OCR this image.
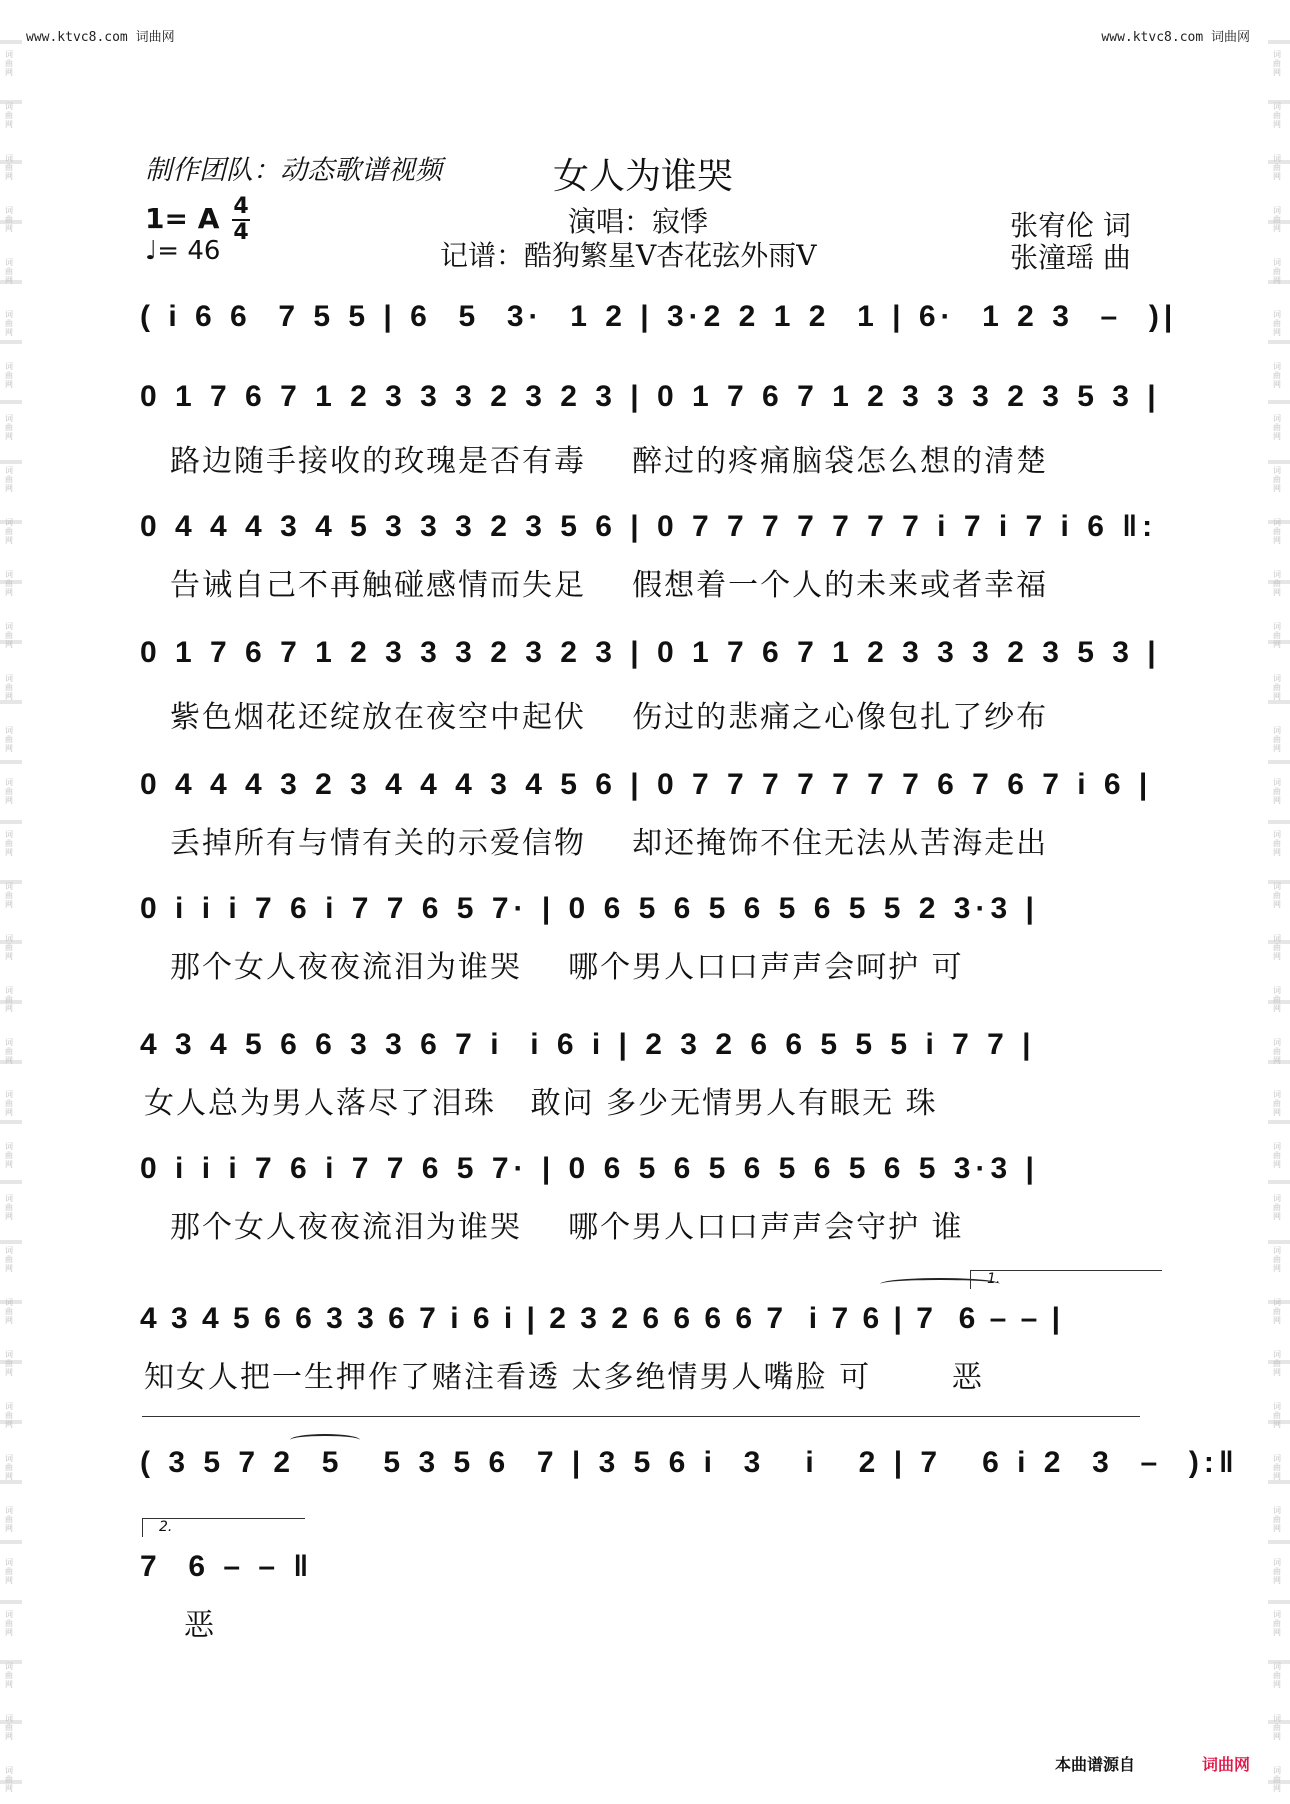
词
曲
网
词
曲
网
词
曲
网
词
曲
网
词
曲
网
词
曲
网
词
曲
网
词
曲
网
词
曲
网
词
曲
网
词
曲
网
词
曲
网
词
曲
网
词
曲
网
词
曲
网
词
曲
网
词
曲
网
词
曲
网
词
曲
网
词
曲
网
词
曲
网
词
曲
网
词
曲
网
词
曲
网
词
曲
网
词
曲
网
词
曲
网
词
曲
网
词
曲
网
词
曲
网
词
曲
网
词
曲
网
词
曲
网
词
曲
网
词
曲
网
词
曲
网
词
曲
网
词
曲
网
词
曲
网
词
曲
网
词
曲
网
词
曲
网
词
曲
网
词
曲
网
词
曲
网
词
曲
网
词
曲
网
词
曲
网
词
曲
网
词
曲
网
词
曲
网
词
曲
网
词
曲
网
词
曲
网
词
曲
网
词
曲
网
词
曲
网
词
曲
网
词
曲
网
词
曲
网
词
曲
网
词
曲
网
词
曲
网
词
曲
网
词
曲
网
词
曲
网
词
曲
网
词
曲
网
www.ktvc8.com 词曲网	www.ktvc8.com 词曲网
制作团队：动态歌谱视频	女人为谁哭
1= A 4
4
♩= 46
演唱：寂悸
记谱：酷狗繁星V杏花弦外雨V
张宥伦 词
张潼瑶 曲
( i 6 6  7 5 5 | 6  5  3·  1 2 | 3·2 2 1 2  1 | 6·  1 2 3  –  )|
0 1 7 6 7 1 2 3 3 3 2 3 2 3 | 0 1 7 6 7 1 2 3 3 3 2 3 5 3 |
路边随手接收的玫瑰是否有毒    醉过的疼痛脑袋怎么想的清楚
0 4 4 4 3 4 5 3 3 3 2 3 5 6 | 0 7 7 7 7 7 7 7 i 7 i 7 i 6 ‖:
告诫自己不再触碰感情而失足    假想着一个人的未来或者幸福
0 1 7 6 7 1 2 3 3 3 2 3 2 3 | 0 1 7 6 7 1 2 3 3 3 2 3 5 3 |
紫色烟花还绽放在夜空中起伏    伤过的悲痛之心像包扎了纱布
0 4 4 4 3 2 3 4 4 4 3 4 5 6 | 0 7 7 7 7 7 7 7 6 7 6 7 i 6 |
丢掉所有与情有关的示爱信物    却还掩饰不住无法从苦海走出
0 i i i 7 6 i 7 7 6 5 7· | 0 6 5 6 5 6 5 6 5 5 2 3·3 |
那个女人夜夜流泪为谁哭    哪个男人口口声声会呵护 可
4 3 4 5 6 6 3 3 6 7 i  i 6 i | 2 3 2 6 6 5 5 5 i 7 7 |
女人总为男人落尽了泪珠   敢问 多少无情男人有眼无 珠
0 i i i 7 6 i 7 7 6 5 7· | 0 6 5 6 5 6 5 6 5 6 5 3·3 |
那个女人夜夜流泪为谁哭    哪个男人口口声声会守护 谁
1.
4 3 4 5 6 6 3 3 6 7 i 6 i | 2 3 2 6 6 6 6 7  i 7 6 | 7  6 – – |
知女人把一生押作了赌注看透 太多绝情男人嘴脸 可       恶
( 3 5 7 2  5   5 3 5 6  7 | 3 5 6 i  3   i   2 | 7   6 i 2  3  –  ):‖
2.
7  6 – – ‖
恶
本曲谱源自	词曲网
